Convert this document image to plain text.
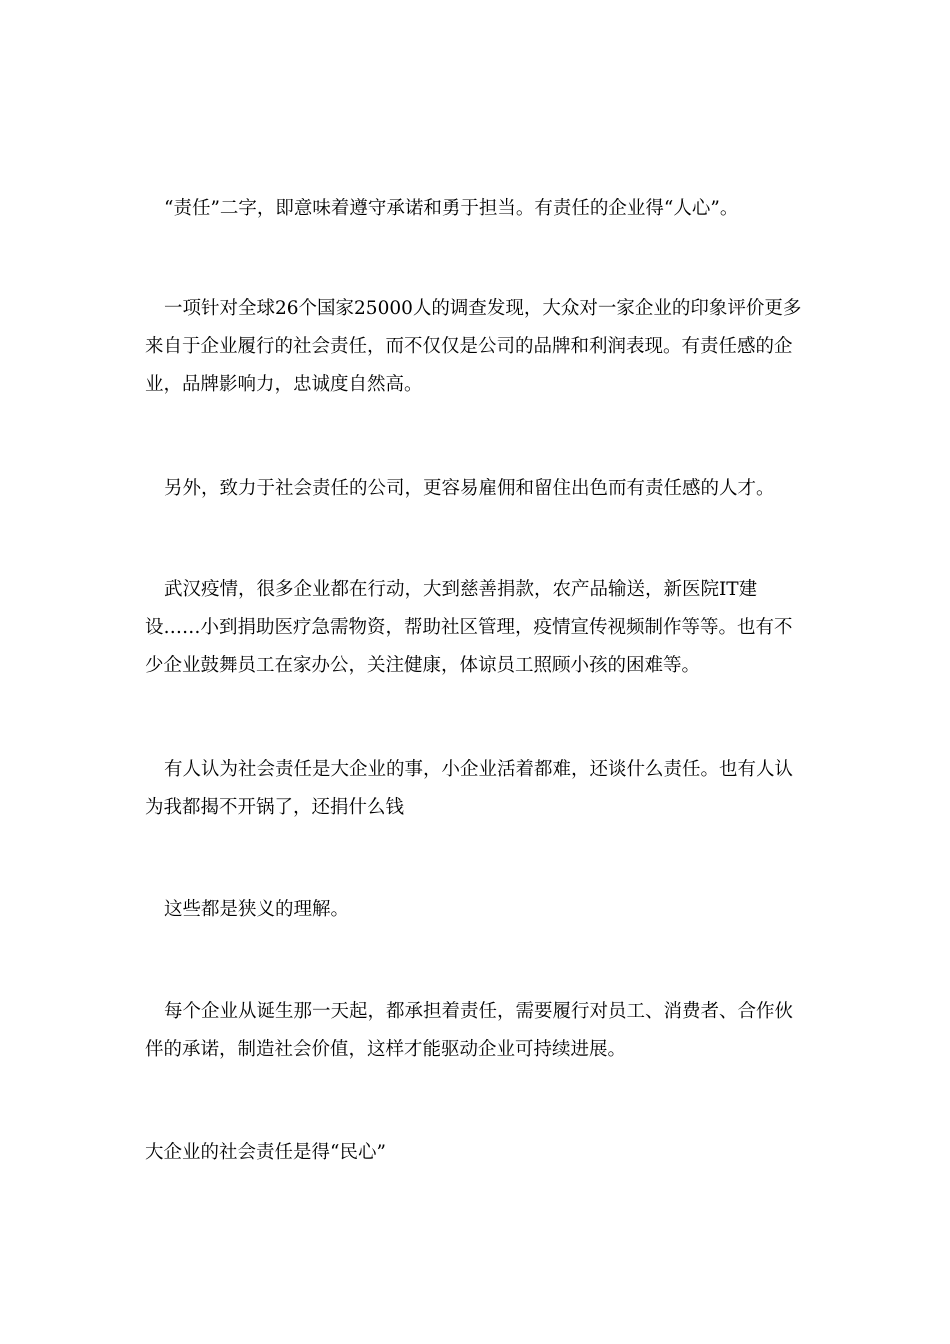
“责任”二字，即意味着遵守承诺和勇于担当。有责任的企业得“人心”。

一项针对全球26个国家25000人的调查发现，大众对一家企业的印象评价更多来自于企业履行的社会责任，而不仅仅是公司的品牌和利润表现。有责任感的企业，品牌影响力，忠诚度自然高。

另外，致力于社会责任的公司，更容易雇佣和留住出色而有责任感的人才。

武汉疫情，很多企业都在行动，大到慈善捐款，农产品输送，新医院IT建设……小到捐助医疗急需物资，帮助社区管理，疫情宣传视频制作等等。也有不少企业鼓舞员工在家办公，关注健康，体谅员工照顾小孩的困难等。

有人认为社会责任是大企业的事，小企业活着都难，还谈什么责任。也有人认为我都揭不开锅了，还捐什么钱

这些都是狭义的理解。

每个企业从诞生那一天起，都承担着责任，需要履行对员工、消费者、合作伙伴的承诺，制造社会价值，这样才能驱动企业可持续进展。

大企业的社会责任是得“民心”
